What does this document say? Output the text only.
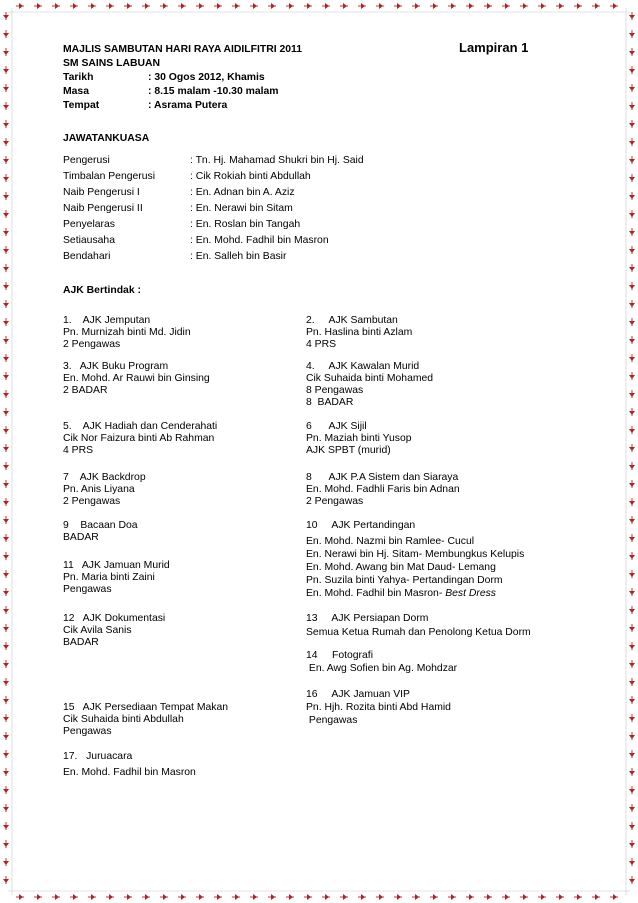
MAJLIS SAMBUTAN HARI RAYA AIDILFITRI 2011	Lampiran 1
SM SAINS LABUAN
Tarikh	: 30 Ogos 2012, Khamis
Masa	: 8.15 malam -10.30 malam
Tempat	: Asrama Putera
JAWATANKUASA
Pengerusi	: Tn. Hj. Mahamad Shukri bin Hj. Said
Timbalan Pengerusi	: Cik Rokiah binti Abdullah
Naib Pengerusi I	: En. Adnan bin A. Aziz
Naib Pengerusi II	: En. Nerawi bin Sitam
Penyelaras	: En. Roslan bin Tangah
Setiausaha	: En. Mohd. Fadhil bin Masron
Bendahari	: En. Salleh bin Basir
AJK Bertindak :
1.    AJK Jemputan
Pn. Murnizah binti Md. Jidin
2 Pengawas
3.   AJK Buku Program
En. Mohd. Ar Rauwi bin Ginsing
2 BADAR
5.    AJK Hadiah dan Cenderahati
Cik Nor Faizura binti Ab Rahman
4 PRS
7    AJK Backdrop
Pn. Anis Liyana
2 Pengawas
9    Bacaan Doa
BADAR
11   AJK Jamuan Murid
Pn. Maria binti Zaini
Pengawas
12   AJK Dokumentasi
Cik Avila Sanis
BADAR
15   AJK Persediaan Tempat Makan
Cik Suhaida binti Abdullah
Pengawas
17.   Juruacara
En. Mohd. Fadhil bin Masron
2.     AJK Sambutan
Pn. Haslina binti Azlam
4 PRS
4.     AJK Kawalan Murid
Cik Suhaida binti Mohamed
8 Pengawas
8  BADAR
6      AJK Sijil
Pn. Maziah binti Yusop
AJK SPBT (murid)
8      AJK P.A Sistem dan Siaraya
En. Mohd. Fadhli Faris bin Adnan
2 Pengawas
10     AJK Pertandingan
En. Mohd. Nazmi bin Ramlee- Cucul
En. Nerawi bin Hj. Sitam- Membungkus Kelupis
En. Mohd. Awang bin Mat Daud- Lemang
Pn. Suzila binti Yahya- Pertandingan Dorm
En. Mohd. Fadhil bin Masron- Best Dress
13     AJK Persiapan Dorm
Semua Ketua Rumah dan Penolong Ketua Dorm
14     Fotografi
En. Awg Sofien bin Ag. Mohdzar
16     AJK Jamuan VIP
Pn. Hjh. Rozita binti Abd Hamid
Pengawas
